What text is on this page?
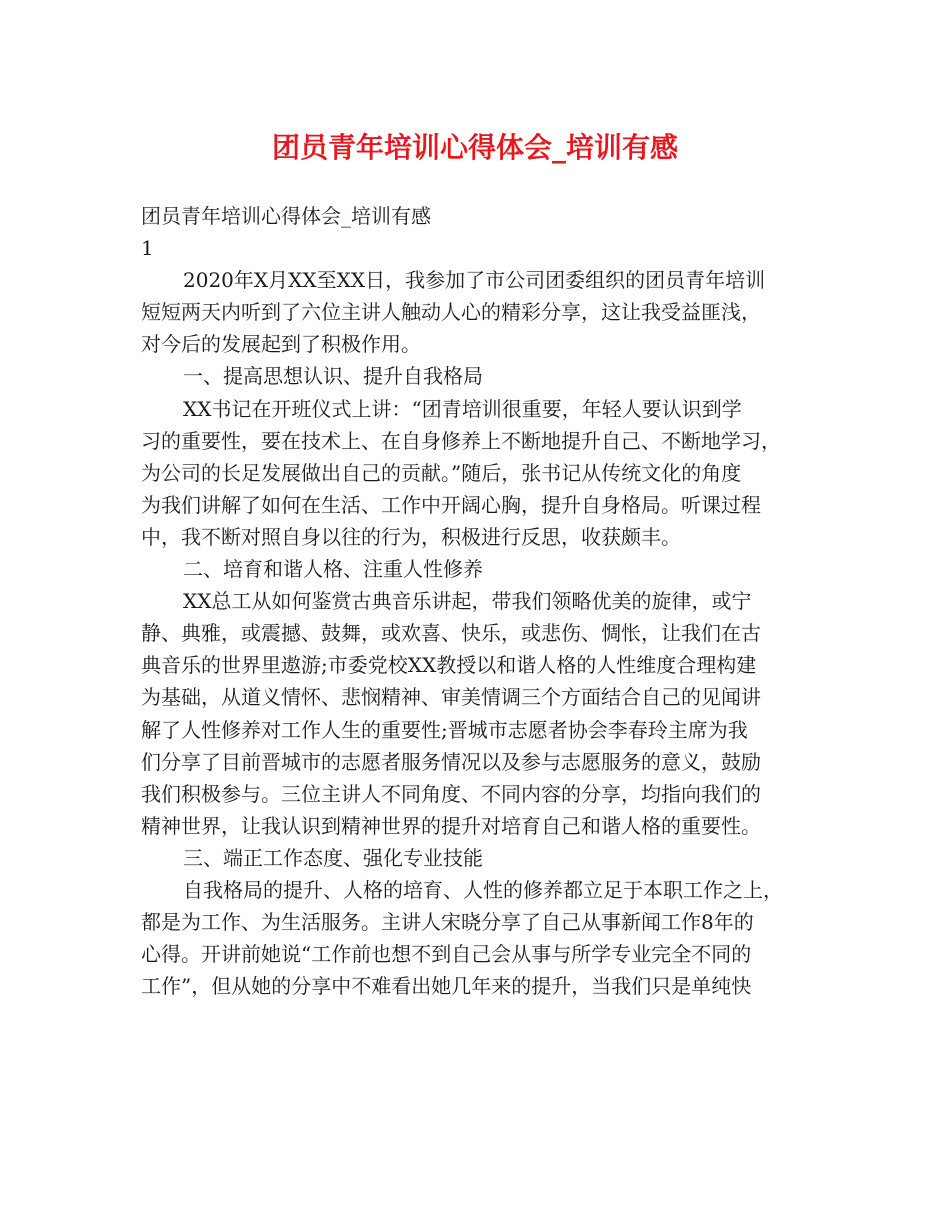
团员青年培训心得体会_培训有感

团员青年培训心得体会_培训有感

1

2020年X月XX至XX日，我参加了市公司团委组织的团员青年培训

短短两天内听到了六位主讲人触动人心的精彩分享，这让我受益匪浅，

对今后的发展起到了积极作用。

一、提高思想认识、提升自我格局

XX书记在开班仪式上讲：“团青培训很重要，年轻人要认识到学

习的重要性，要在技术上、在自身修养上不断地提升自己、不断地学习，

为公司的长足发展做出自己的贡献。”随后，张书记从传统文化的角度

为我们讲解了如何在生活、工作中开阔心胸，提升自身格局。听课过程

中，我不断对照自身以往的行为，积极进行反思，收获颇丰。

二、培育和谐人格、注重人性修养

XX总工从如何鉴赏古典音乐讲起，带我们领略优美的旋律，或宁

静、典雅，或震撼、鼓舞，或欢喜、快乐，或悲伤、惆怅，让我们在古

典音乐的世界里遨游;市委党校XX教授以和谐人格的人性维度合理构建

为基础，从道义情怀、悲悯精神、审美情调三个方面结合自己的见闻讲

解了人性修养对工作人生的重要性;晋城市志愿者协会李春玲主席为我

们分享了目前晋城市的志愿者服务情况以及参与志愿服务的意义，鼓励

我们积极参与。三位主讲人不同角度、不同内容的分享，均指向我们的

精神世界，让我认识到精神世界的提升对培育自己和谐人格的重要性。

三、端正工作态度、强化专业技能

自我格局的提升、人格的培育、人性的修养都立足于本职工作之上，

都是为工作、为生活服务。主讲人宋晓分享了自己从事新闻工作8年的

心得。开讲前她说“工作前也想不到自己会从事与所学专业完全不同的

工作”，但从她的分享中不难看出她几年来的提升，当我们只是单纯快
